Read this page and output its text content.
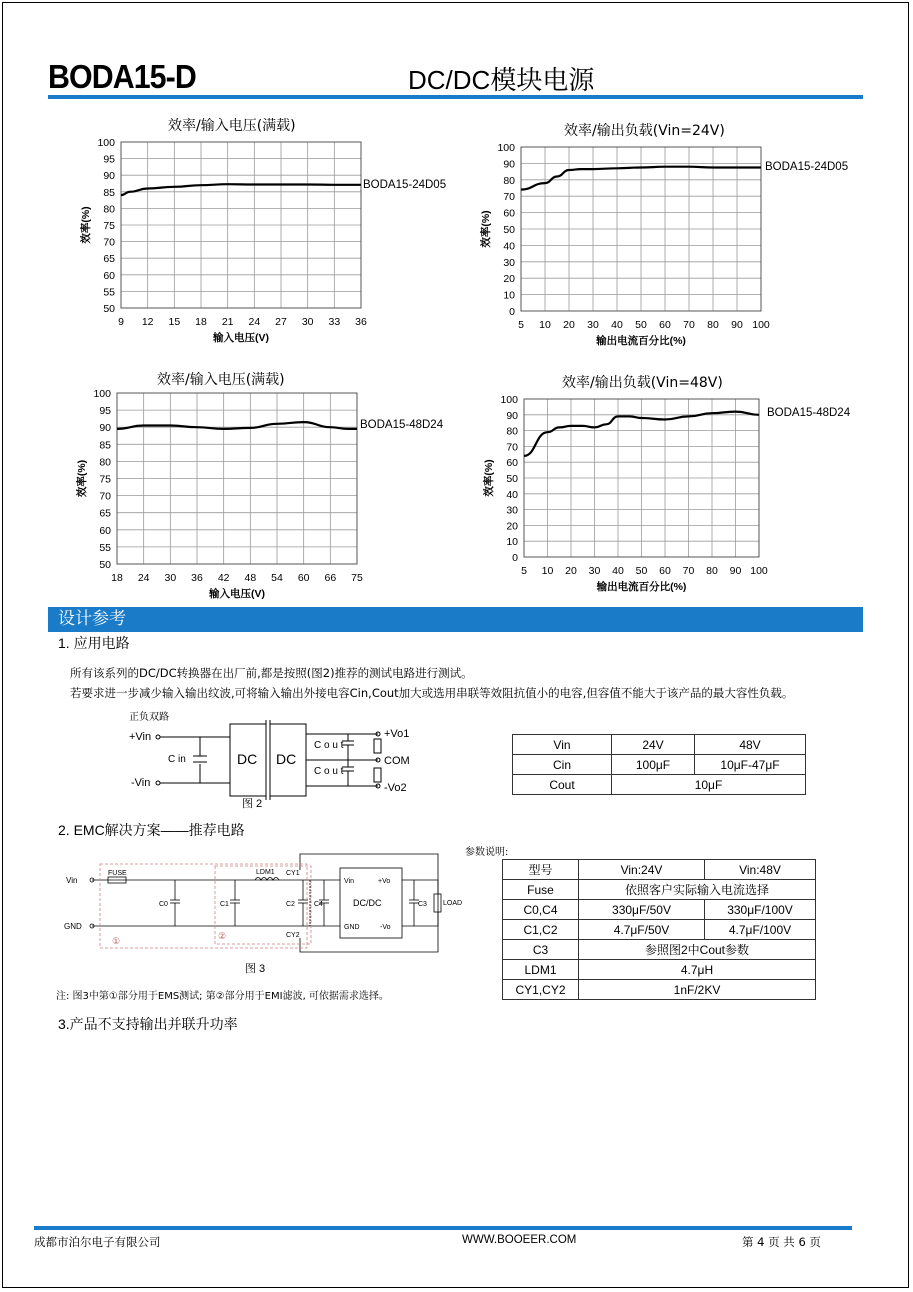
BODA15-D	DC/DC模块电源
效率/输入电压(满载)	效率/输出负载(Vin=24V)
效率/输入电压(满载)	效率/输出负载(Vin=48V)
50
55
60
65
70
75
80
85
90
95
100
9 12 15 18 21 24 27 30 33 36
BODA15-24D05
输入电压(V)
效率(%)
0
10
20
30
40
50
60
70
80
90
100
5 10 20 30 40 50 60 70 80 90 100
BODA15-24D05
输出电流百分比(%)
效率(%)
50
55
60
65
70
75
80
85
90
95
100
18 24 30 36 42 48 54 60 66 75
BODA15-48D24
输入电压(V)
效率(%)
0
10
20
30
40
50
60
70
80
90
100
5 10 20 30 40 50 60 70 80 90 100
BODA15-48D24
输出电流百分比(%)
效率(%)
设计参考
1. 应用电路
所有该系列的DC/DC转换器在出厂前,都是按照(图2)推荐的测试电路进行测试。
若要求进一步减少输入输出纹波,可将输入输出外接电容Cin,Cout加大或选用串联等效阻抗值小的电容,但容值不能大于该产品的最大容性负载。
正负双路
+Vin
-Vin
C in	DC DC
C o u t
C o u t
+Vo1
COM
-Vo2
图 2
Vin	24V	48V
Cin	100μF	10μF-47μF
Cout	10μF	
2. EMC解决方案——推荐电路
Vin
GND
FUSE
C0	C1
LDM1
C2	C4
CY1
CY2
Vin	+Vo
DC/DC
GND	-Vo
C3 LOAD
①	②
图 3
参数说明:
型号	Vin:24V	Vin:48V
Fuse	依照客户实际输入电流选择	
C0,C4	330μF/50V	330μF/100V
C1,C2	4.7μF/50V	4.7μF/100V
C3	参照图2中Cout参数	
LDM1	4.7μH	
CY1,CY2	1nF/2KV	
注: 图3中第①部分用于EMS测试; 第②部分用于EMI滤波, 可依据需求选择。
3.产品不支持输出并联升功率
成都市泊尔电子有限公司	WWW.BOOEER.COM	第 4 页 共 6 页
